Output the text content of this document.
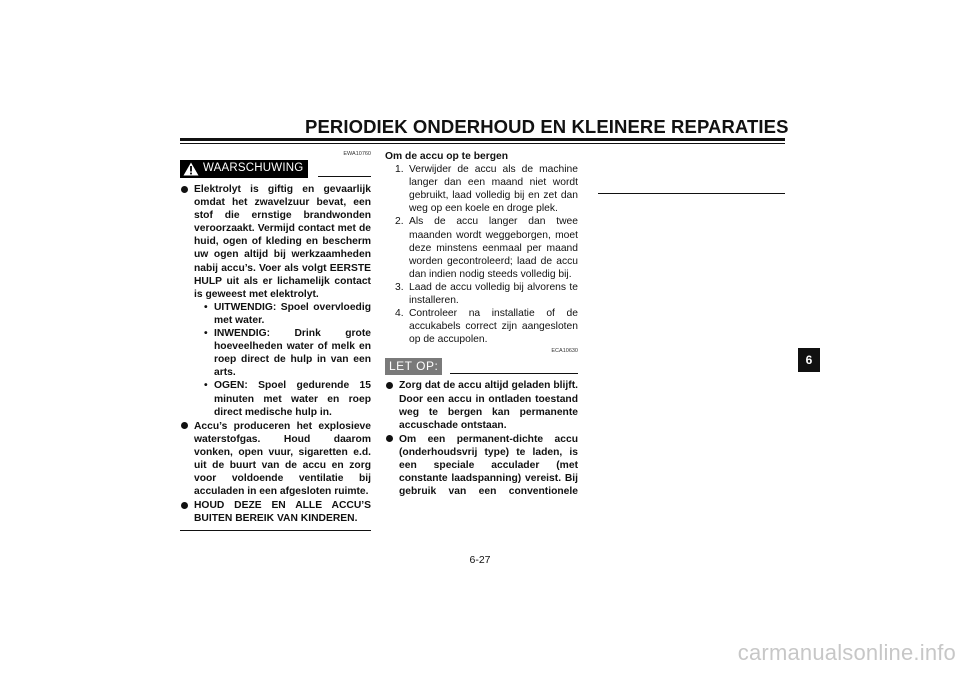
PERIODIEK ONDERHOUD EN KLEINERE REPARATIES
EWA10760
WAARSCHUWING
Elektrolyt is giftig en gevaarlijk omdat het zwavelzuur bevat, een stof die ernstige brandwonden veroorzaakt. Vermijd contact met de huid, ogen of kleding en bescherm uw ogen altijd bij werkzaamheden nabij accu’s. Voer als volgt EERSTE HULP uit als er lichamelijk contact is geweest met elektrolyt.
• UITWENDIG: Spoel overvloedig met water.
• INWENDIG: Drink grote hoeveelheden water of melk en roep direct de hulp in van een arts.
• OGEN: Spoel gedurende 15 minuten met water en roep direct medische hulp in.
Accu’s produceren het explosieve waterstofgas. Houd daarom vonken, open vuur, sigaretten e.d. uit de buurt van de accu en zorg voor voldoende ventilatie bij acculaden in een afgesloten ruimte.
HOUD DEZE EN ALLE ACCU’S BUITEN BEREIK VAN KINDEREN.
Om de accu op te bergen
1. Verwijder de accu als de machine langer dan een maand niet wordt gebruikt, laad volledig bij en zet dan weg op een koele en droge plek.
2. Als de accu langer dan twee maanden wordt weggeborgen, moet deze minstens eenmaal per maand worden gecontroleerd; laad de accu dan indien nodig steeds volledig bij.
3. Laad de accu volledig bij alvorens te installeren.
4. Controleer na installatie of de accukabels correct zijn aangesloten op de accupolen.
ECA10630
LET OP:
Zorg dat de accu altijd geladen blijft. Door een accu in ontladen toestand weg te bergen kan permanente accuschade ontstaan.
Om een permanent-dichte accu (onderhoudsvrij type) te laden, is een speciale acculader (met constante laadspanning) vereist. Bij gebruik van een conventionele
6
6-27
carmanualsonline.info
